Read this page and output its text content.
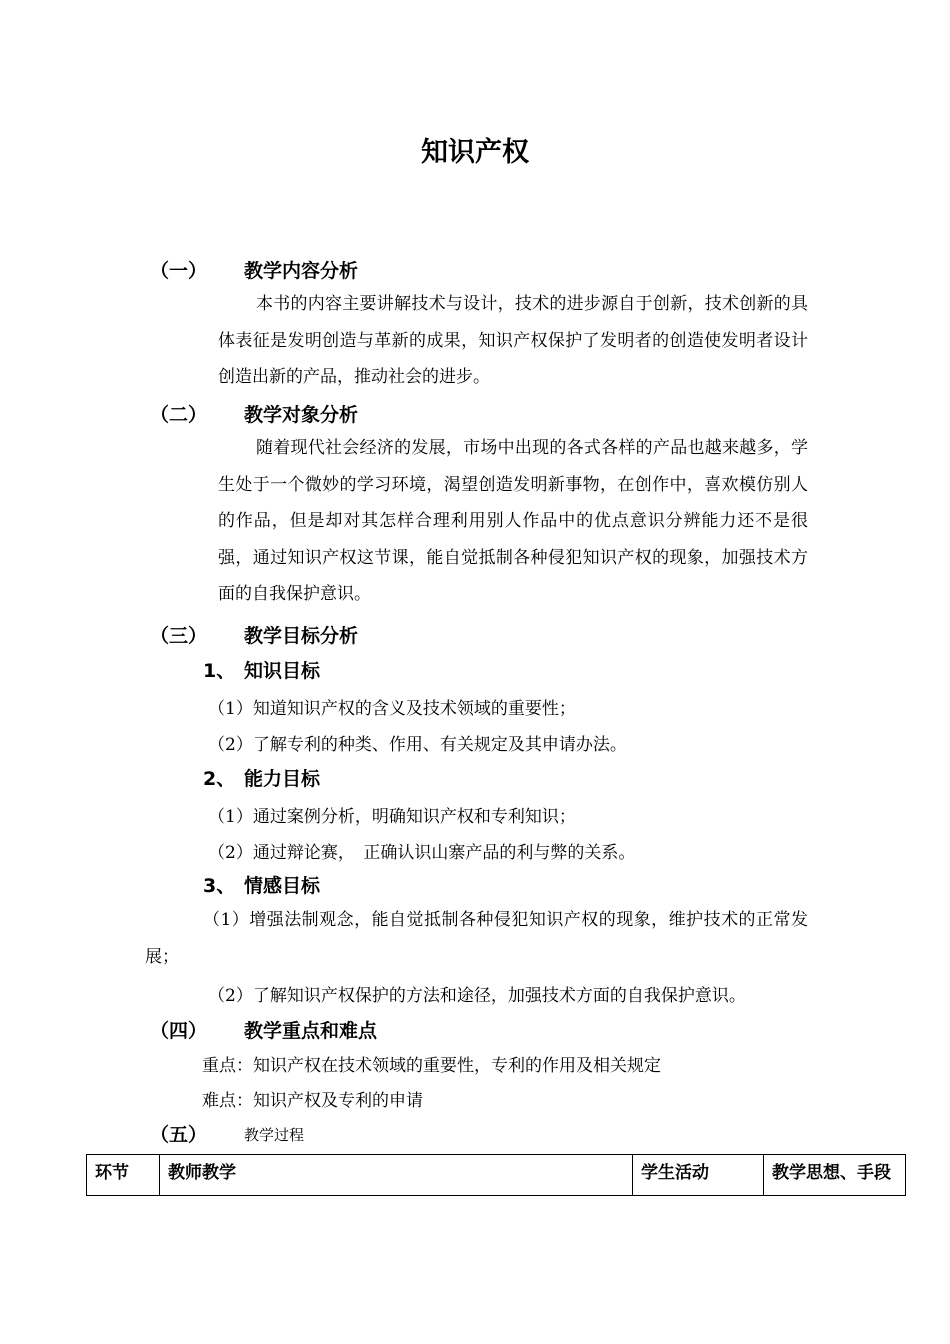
知识产权
（一） 教学内容分析
本书的内容主要讲解技术与设计，技术的进步源自于创新，技术创新的具体表征是发明创造与革新的成果，知识产权保护了发明者的创造使发明者设计创造出新的产品，推动社会的进步。
（二） 教学对象分析
随着现代社会经济的发展，市场中出现的各式各样的产品也越来越多，学生处于一个微妙的学习环境，渴望创造发明新事物，在创作中，喜欢模仿别人的作品，但是却对其怎样合理利用别人作品中的优点意识分辨能力还不是很强，通过知识产权这节课，能自觉抵制各种侵犯知识产权的现象，加强技术方面的自我保护意识。
（三） 教学目标分析
1、 知识目标
（1）知道知识产权的含义及技术领域的重要性；
（2）了解专利的种类、作用、有关规定及其申请办法。
2、 能力目标
（1）通过案例分析，明确知识产权和专利知识；
（2）通过辩论赛，　正确认识山寨产品的利与弊的关系。
3、 情感目标
（1）增强法制观念，能自觉抵制各种侵犯知识产权的现象，维护技术的正常发展；
（2）了解知识产权保护的方法和途径，加强技术方面的自我保护意识。
（四） 教学重点和难点
重点：知识产权在技术领域的重要性，专利的作用及相关规定
难点：知识产权及专利的申请
（五） 教学过程
环节	教师教学	学生活动	教学思想、手段
